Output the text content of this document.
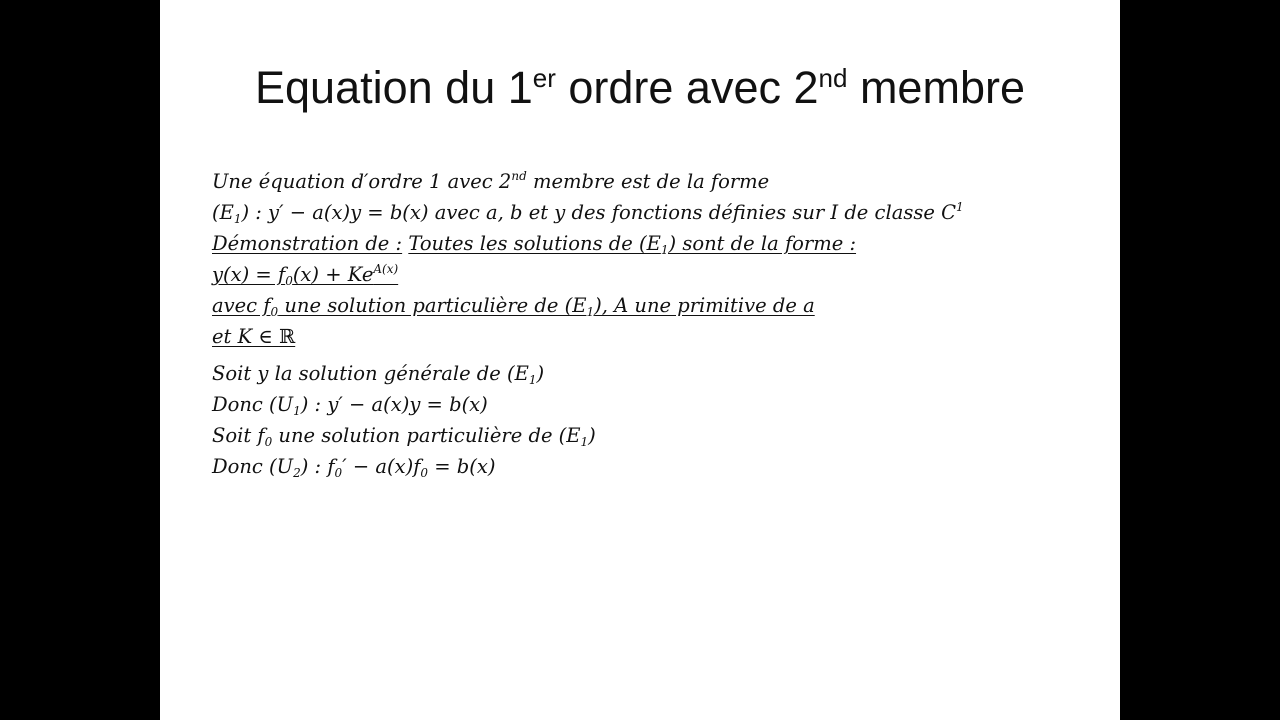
Equation du 1er ordre avec 2nd membre
Une équation d′ordre 1 avec 2nd membre est de la forme
$(E_1)$ : y′ − a(x)y = b(x) avec a, b et y des fonctions définies sur I de classe $C^1$
Démonstration de : Toutes les solutions de $(E_1)$ sont de la forme :
$y(x) = f_0(x) + Ke^{A(x)}$
avec $f_0$ une solution particulière de $(E_1)$, A une primitive de a
et K ∈ ℝ
Soit y la solution générale de $(E_1)$
Donc $(U_1)$ : y′ − a(x)y = b(x)
Soit $f_0$ une solution particulière de $(E_1)$
Donc $(U_2)$ : $f_0' - a(x)f_0 = b(x)$
